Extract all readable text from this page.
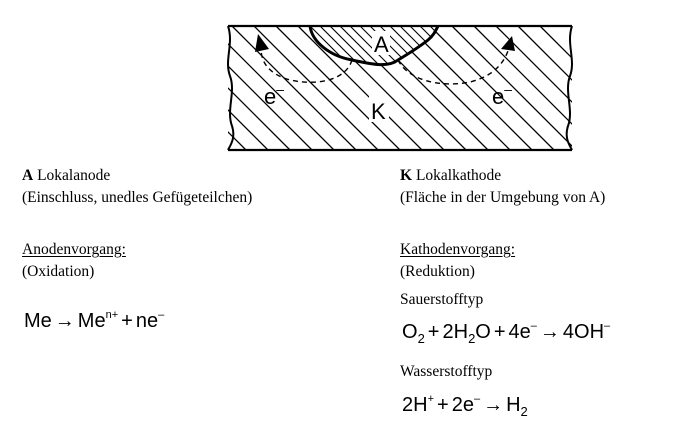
A
K
e–	e–
A Lokalanode
(Einschluss, unedles Gefügeteilchen)
Anodenvorgang:
(Oxidation)
$Me \to Me^{n+} + ne^-$
K Lokalkathode
(Fläche in der Umgebung von A)
Kathodenvorgang:
(Reduktion)
Sauerstofftyp
$O_2 + 2H_2O + 4e^- \to 4OH^-$
Wasserstofftyp
$2H^+ + 2e^- \to H_2$
